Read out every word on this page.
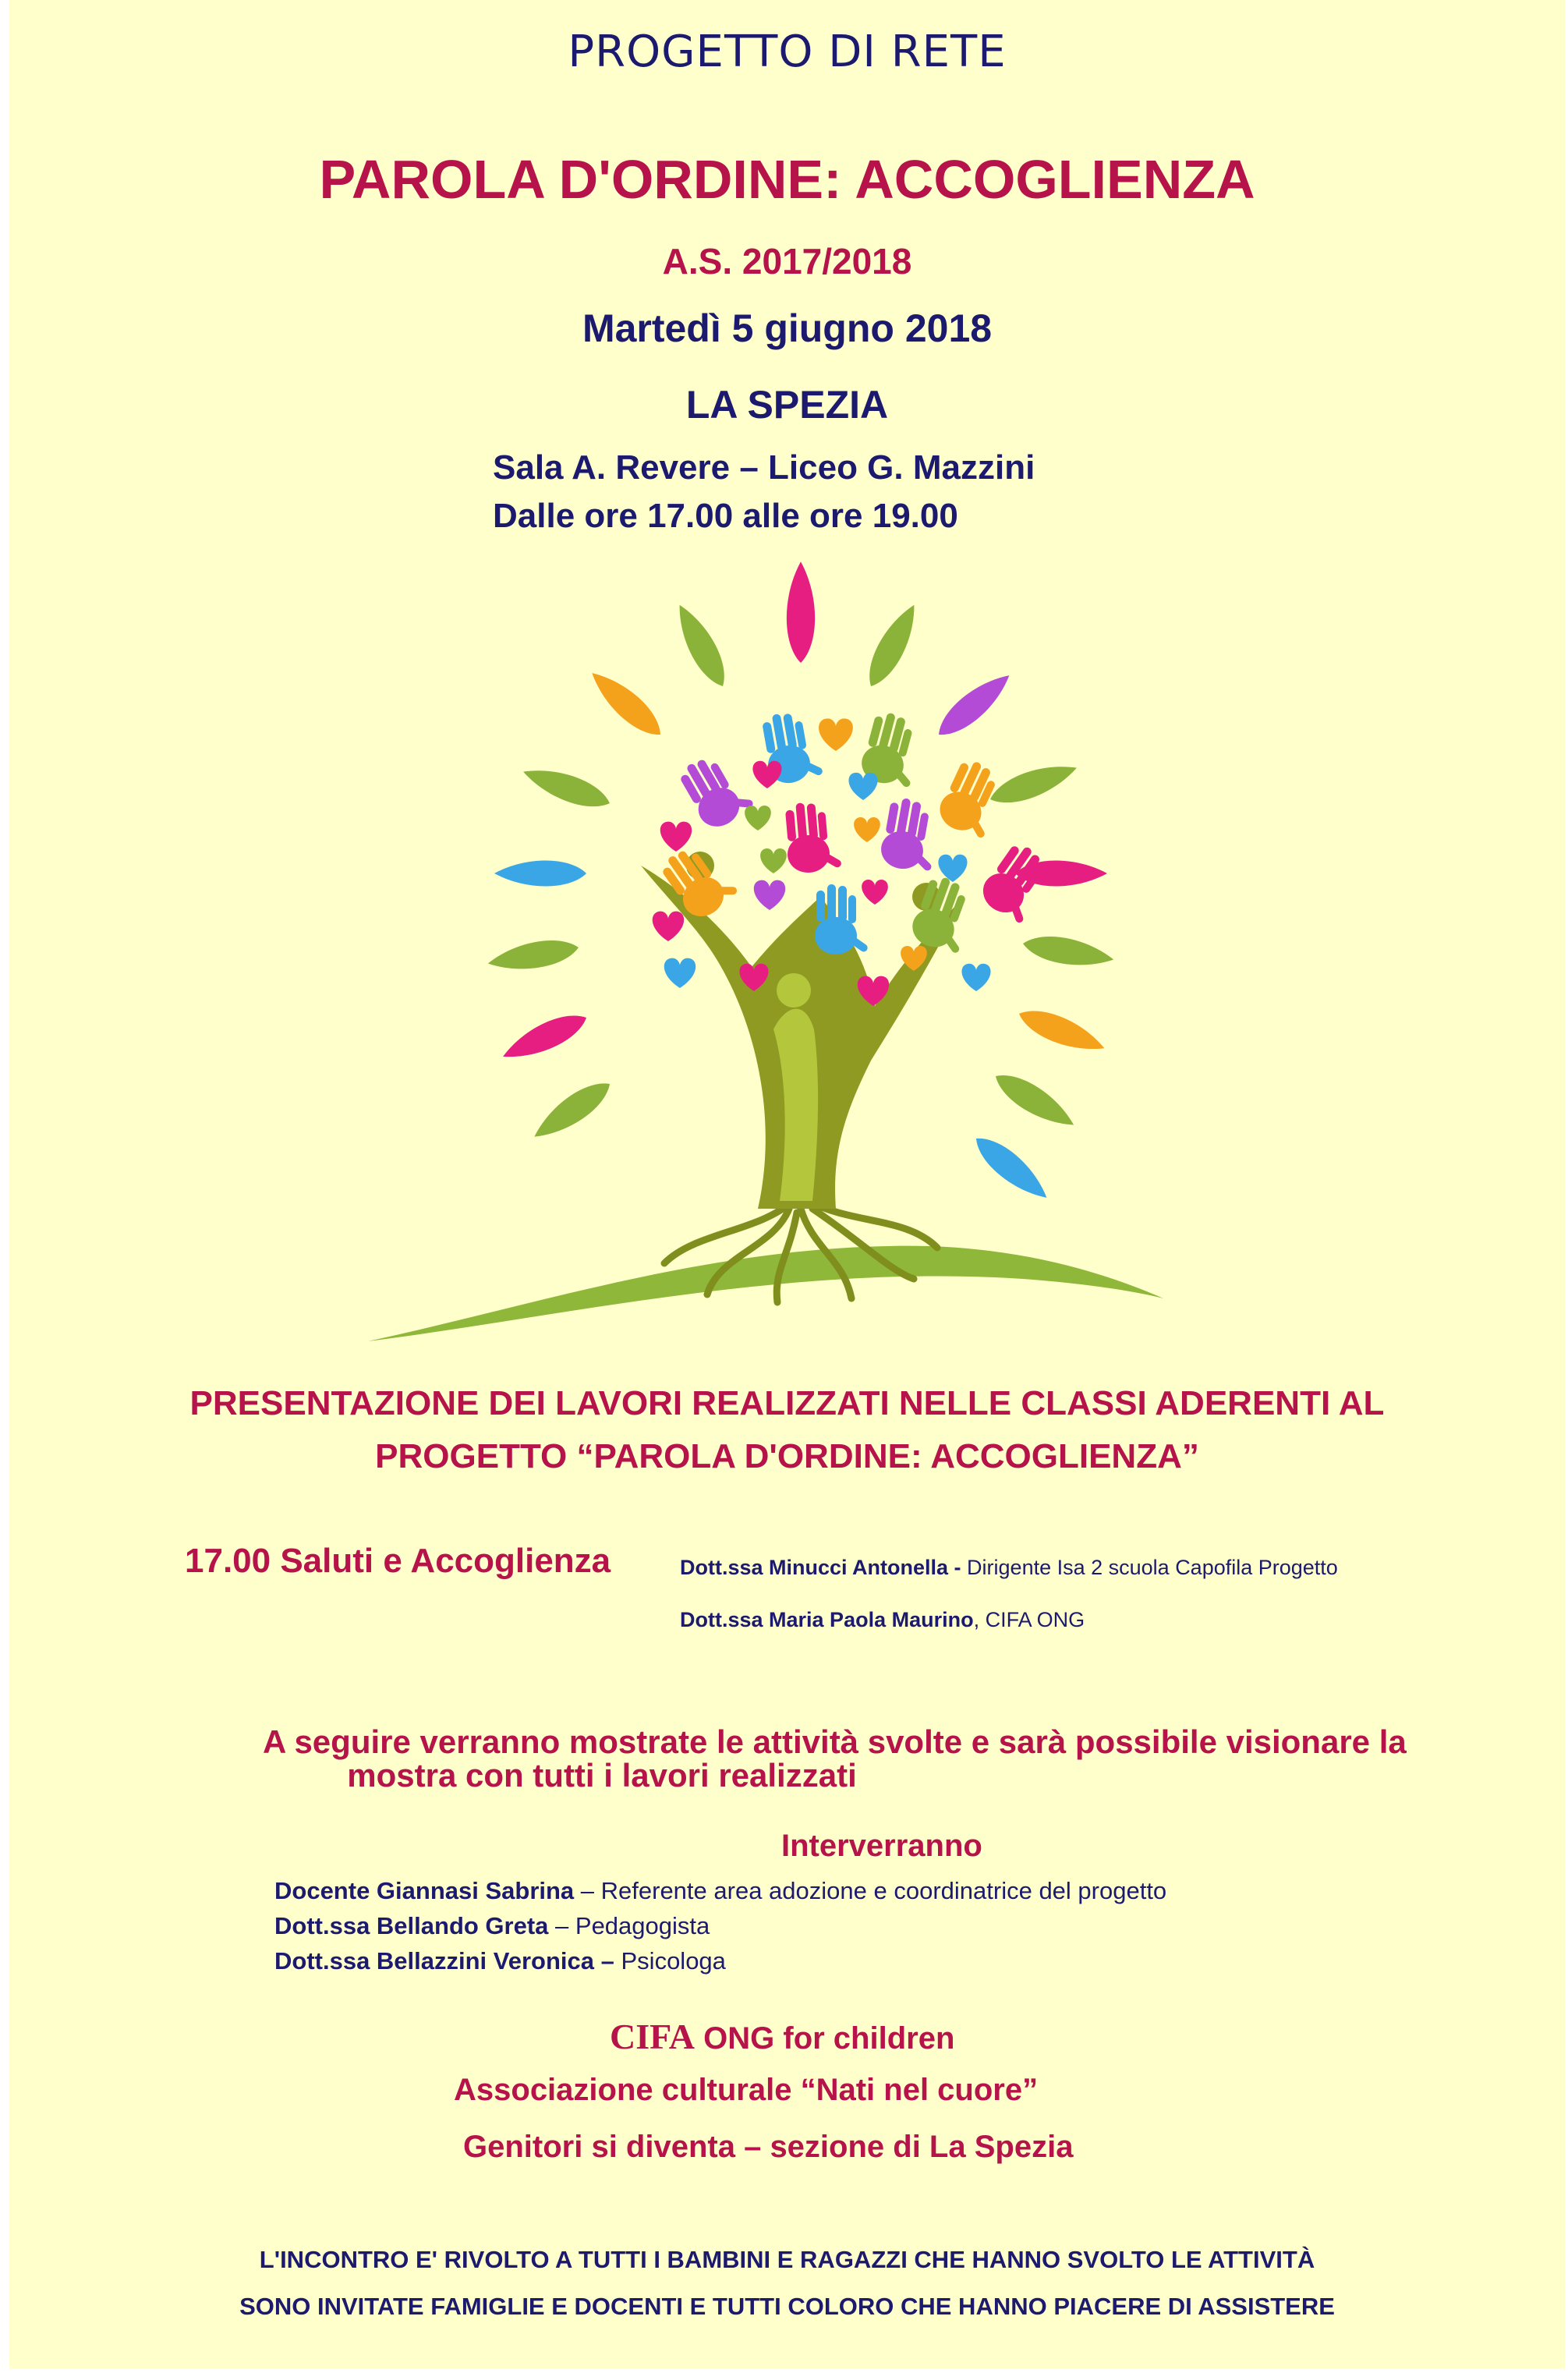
PROGETTO DI RETE

PAROLA D'ORDINE: ACCOGLIENZA

A.S. 2017/2018

Martedì 5 giugno 2018

LA SPEZIA

Sala A. Revere – Liceo G. Mazzini

Dalle ore 17.00 alle ore 19.00

PRESENTAZIONE DEI LAVORI REALIZZATI NELLE CLASSI ADERENTI AL

PROGETTO “PAROLA D'ORDINE: ACCOGLIENZA”

17.00 Saluti e Accoglienza	Dott.ssa Minucci Antonella - Dirigente Isa 2 scuola Capofila Progetto

Dott.ssa Maria Paola Maurino, CIFA ONG

A seguire verranno mostrate le attività svolte e sarà possibile visionare la

mostra con tutti i lavori realizzati

Interverranno

Docente Giannasi Sabrina – Referente area adozione e coordinatrice del progetto

Dott.ssa Bellando Greta – Pedagogista

Dott.ssa Bellazzini Veronica – Psicologa

CIFA ONG for children

Associazione culturale “Nati nel cuore”

Genitori si diventa – sezione di La Spezia

L'INCONTRO E' RIVOLTO A TUTTI I BAMBINI E RAGAZZI CHE HANNO SVOLTO LE ATTIVITÀ

SONO INVITATE FAMIGLIE E DOCENTI E TUTTI COLORO CHE HANNO PIACERE DI ASSISTERE
